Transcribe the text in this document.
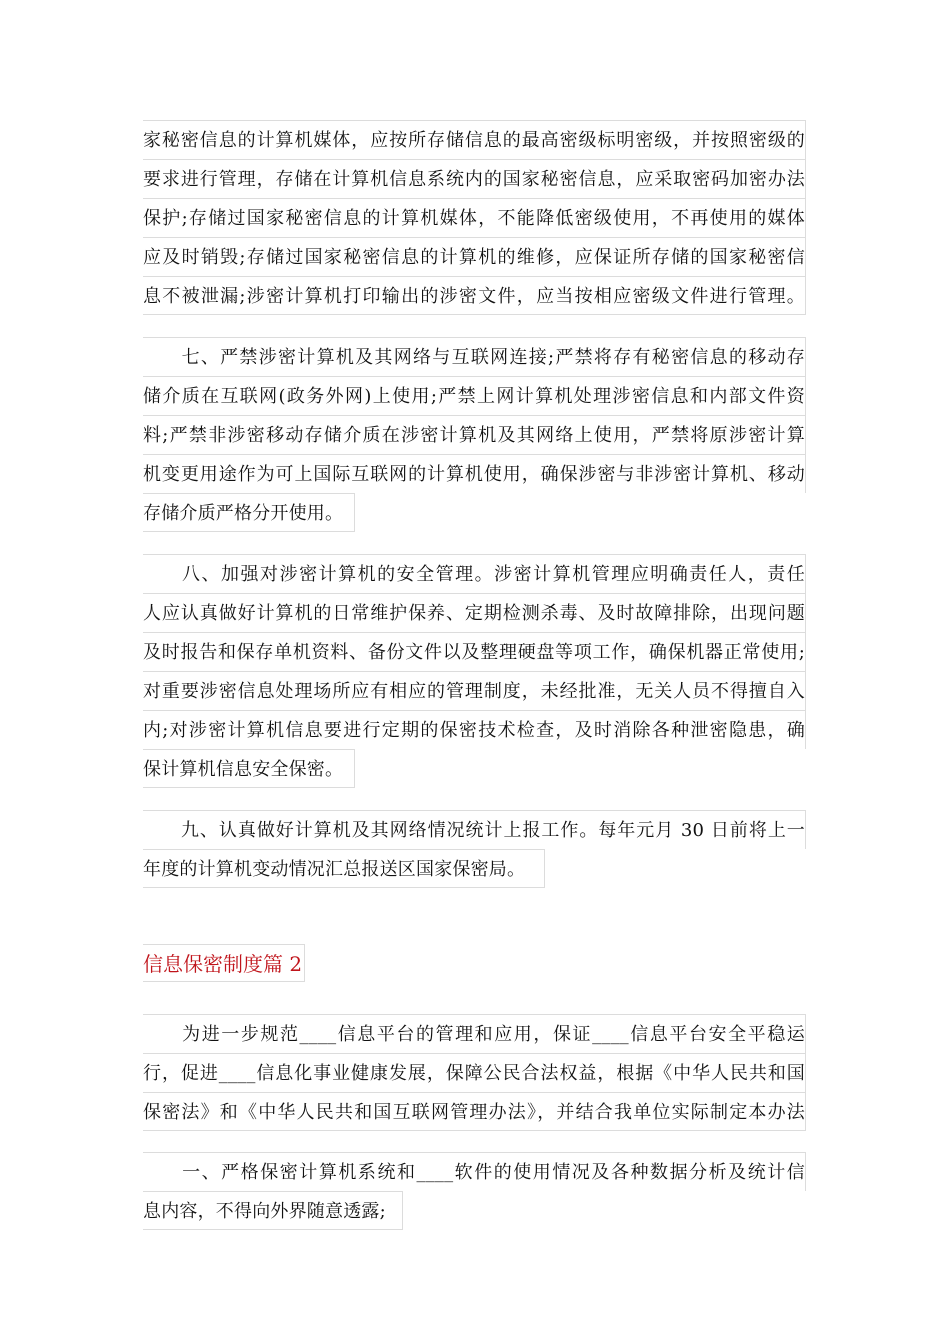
家秘密信息的计算机媒体，应按所存储信息的最高密级标明密级，并按照密级的
要求进行管理，存储在计算机信息系统内的国家秘密信息，应采取密码加密办法
保护;存储过国家秘密信息的计算机媒体，不能降低密级使用，不再使用的媒体
应及时销毁;存储过国家秘密信息的计算机的维修，应保证所存储的国家秘密信
息不被泄漏;涉密计算机打印输出的涉密文件，应当按相应密级文件进行管理。
　　七、严禁涉密计算机及其网络与互联网连接;严禁将存有秘密信息的移动存
储介质在互联网(政务外网)上使用;严禁上网计算机处理涉密信息和内部文件资
料;严禁非涉密移动存储介质在涉密计算机及其网络上使用，严禁将原涉密计算
机变更用途作为可上国际互联网的计算机使用，确保涉密与非涉密计算机、移动
存储介质严格分开使用。
　　八、加强对涉密计算机的安全管理。涉密计算机管理应明确责任人，责任
人应认真做好计算机的日常维护保养、定期检测杀毒、及时故障排除，出现问题
及时报告和保存单机资料、备份文件以及整理硬盘等项工作，确保机器正常使用;
对重要涉密信息处理场所应有相应的管理制度，未经批准，无关人员不得擅自入
内;对涉密计算机信息要进行定期的保密技术检查，及时消除各种泄密隐患，确
保计算机信息安全保密。
　　九、认真做好计算机及其网络情况统计上报工作。每年元月 30 日前将上一
年度的计算机变动情况汇总报送区国家保密局。
信息保密制度篇 2
　　为进一步规范____信息平台的管理和应用，保证____信息平台安全平稳运
行，促进____信息化事业健康发展，保障公民合法权益，根据《中华人民共和国
保密法》和《中华人民共和国互联网管理办法》，并结合我单位实际制定本办法
　　一、严格保密计算机系统和____软件的使用情况及各种数据分析及统计信
息内容，不得向外界随意透露;
